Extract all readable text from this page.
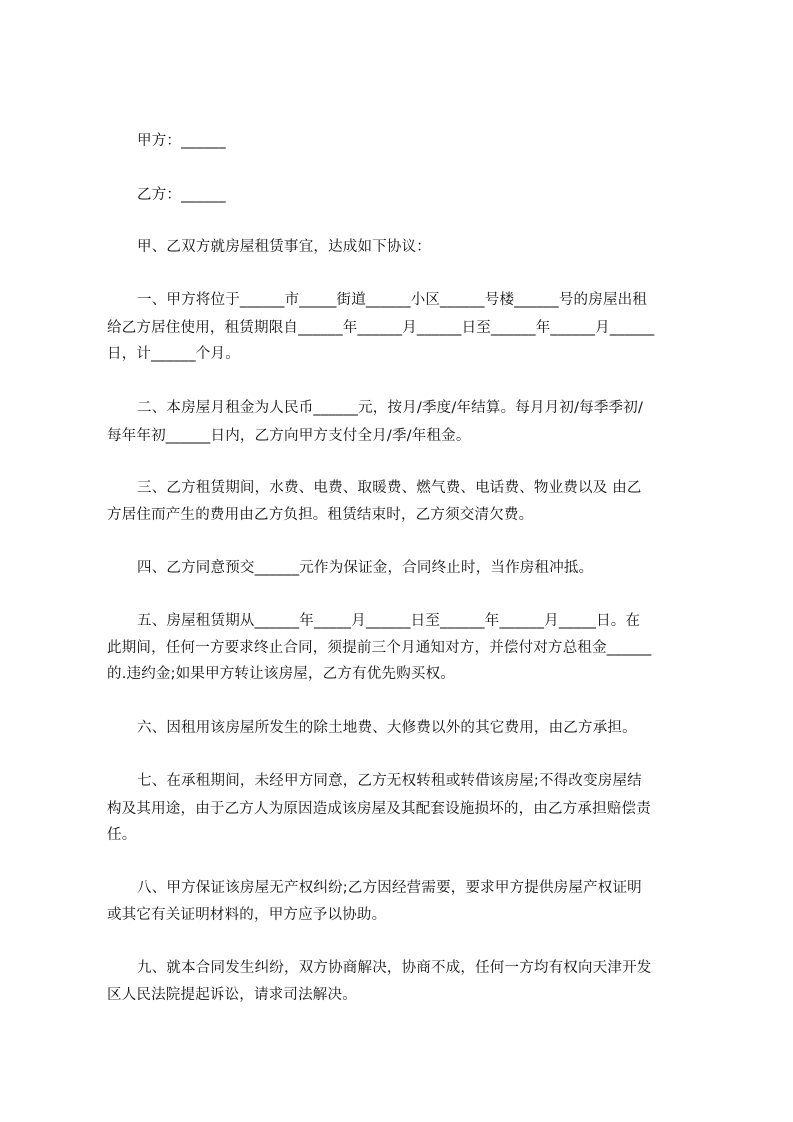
甲方：______
乙方：______
甲、乙双方就房屋租赁事宜，达成如下协议：
一、甲方将位于______市_____街道______小区______号楼______号的房屋出租
给乙方居住使用，租赁期限自______年______月______日至______年______月______
日，计______个月。
二、本房屋月租金为人民币______元，按月/季度/年结算。每月月初/每季季初/
每年年初______日内，乙方向甲方支付全月/季/年租金。
三、乙方租赁期间，水费、电费、取暖费、燃气费、电话费、物业费以及 由乙
方居住而产生的费用由乙方负担。租赁结束时，乙方须交清欠费。
四、乙方同意预交______元作为保证金，合同终止时，当作房租冲抵。
五、房屋租赁期从______年_____月______日至______年______月_____日。在
此期间，任何一方要求终止合同，须提前三个月通知对方，并偿付对方总租金______
的.违约金;如果甲方转让该房屋，乙方有优先购买权。
六、因租用该房屋所发生的除土地费、大修费以外的其它费用，由乙方承担。
七、在承租期间，未经甲方同意，乙方无权转租或转借该房屋;不得改变房屋结
构及其用途，由于乙方人为原因造成该房屋及其配套设施损坏的，由乙方承担赔偿责
任。
八、甲方保证该房屋无产权纠纷;乙方因经营需要，要求甲方提供房屋产权证明
或其它有关证明材料的，甲方应予以协助。
九、就本合同发生纠纷，双方协商解决，协商不成，任何一方均有权向天津开发
区人民法院提起诉讼，请求司法解决。
